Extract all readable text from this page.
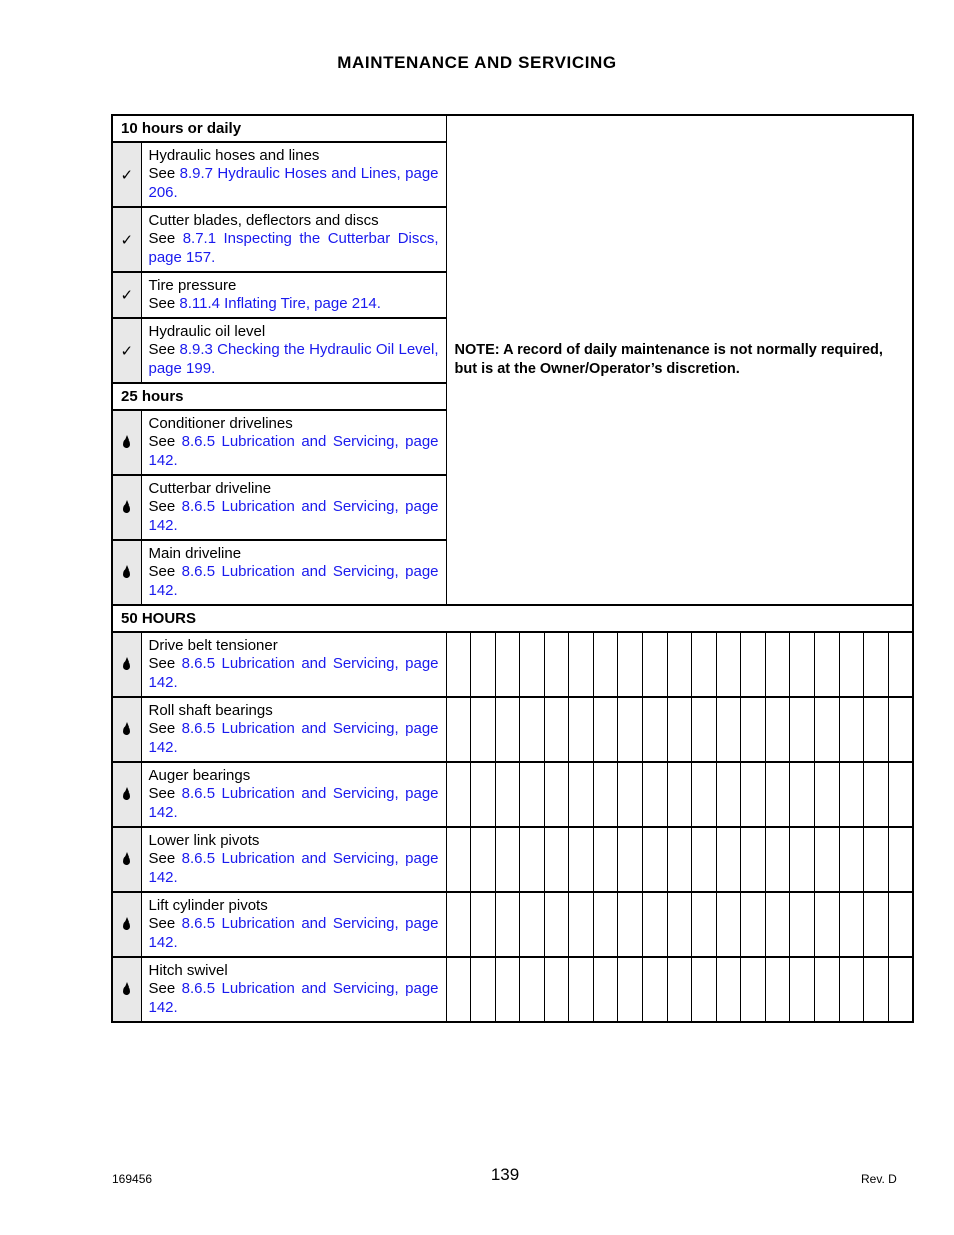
MAINTENANCE AND SERVICING
10 hours or daily		NOTE: A record of daily maintenance is not normally required, but is at the Owner/Operator’s discretion.																		
✓	Hydraulic hoses and lines
See 8.9.7 Hydraulic Hoses and Lines, page 206.																			

✓	Cutter blades, deflectors and discs
See 8.7.1 Inspecting the Cutterbar Discs, page 157.																			

✓	Tire pressure
See 8.11.4 Inflating Tire, page 214.																			

✓	Hydraulic oil level
See 8.9.3 Checking the Hydraulic Oil Level, page 199.																			

25 hours																				

	Conditioner drivelines
See 8.6.5 Lubrication and Servicing, page 142.																			

	Cutterbar driveline
See 8.6.5 Lubrication and Servicing, page 142.																			

	Main driveline
See 8.6.5 Lubrication and Servicing, page 142.																			

50 HOURS																				

	Drive belt tensioner
See 8.6.5 Lubrication and Servicing, page 142.																			

	Roll shaft bearings
See 8.6.5 Lubrication and Servicing, page 142.																			

	Auger bearings
See 8.6.5 Lubrication and Servicing, page 142.																			

	Lower link pivots
See 8.6.5 Lubrication and Servicing, page 142.																			

	Lift cylinder pivots
See 8.6.5 Lubrication and Servicing, page 142.																			

	Hitch swivel
See 8.6.5 Lubrication and Servicing, page 142.																			

169456	139	Rev. D
